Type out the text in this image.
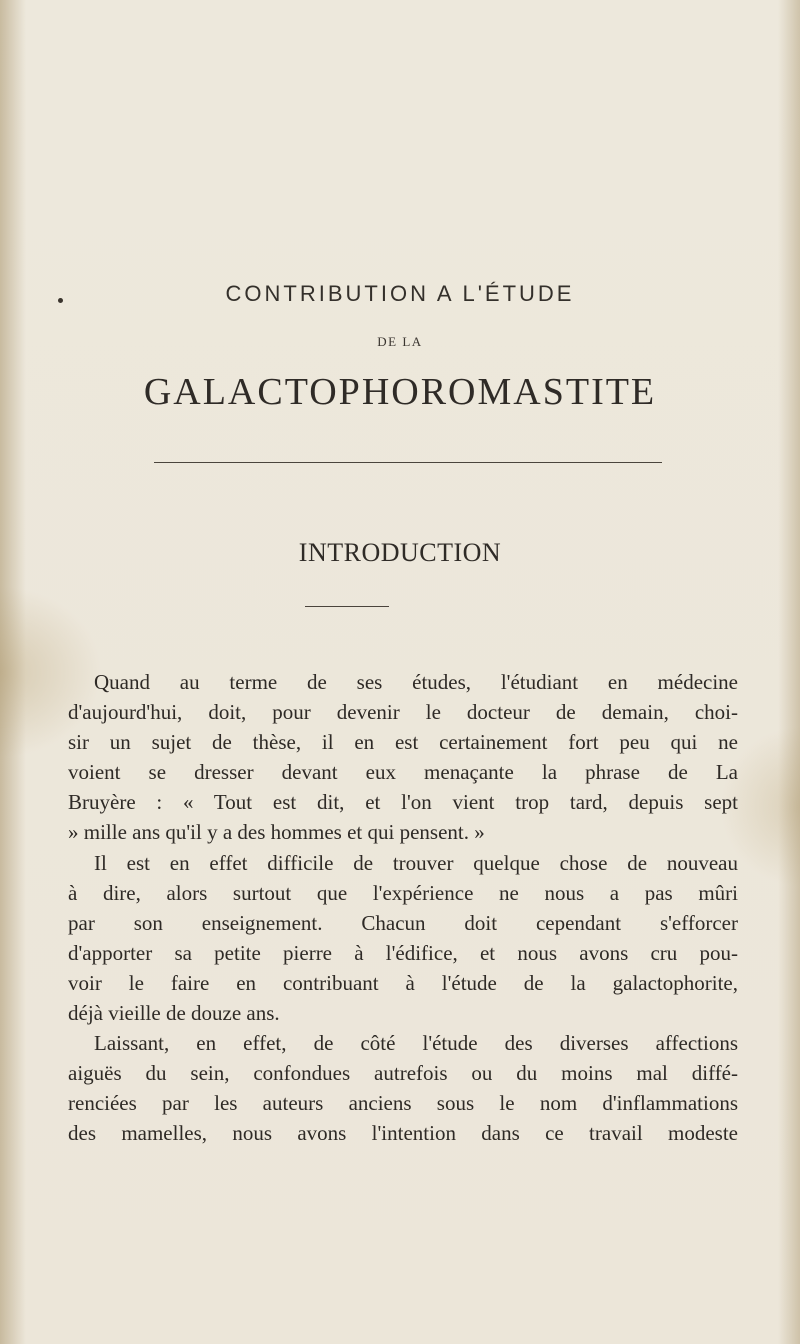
CONTRIBUTION A L'ÉTUDE
DE LA
GALACTOPHOROMASTITE
INTRODUCTION
Quand au terme de ses études, l'étudiant en médecine
d'aujourd'hui, doit, pour devenir le docteur de demain, choi-
sir un sujet de thèse, il en est certainement fort peu qui ne
voient se dresser devant eux menaçante la phrase de La
Bruyère : « Tout est dit, et l'on vient trop tard, depuis sept
» mille ans qu'il y a des hommes et qui pensent. »
Il est en effet difficile de trouver quelque chose de nouveau
à dire, alors surtout que l'expérience ne nous a pas mûri
par son enseignement. Chacun doit cependant s'efforcer
d'apporter sa petite pierre à l'édifice, et nous avons cru pou-
voir le faire en contribuant à l'étude de la galactophorite,
déjà vieille de douze ans.
Laissant, en effet, de côté l'étude des diverses affections
aiguës du sein, confondues autrefois ou du moins mal diffé-
renciées par les auteurs anciens sous le nom d'inflammations
des mamelles, nous avons l'intention dans ce travail modeste
